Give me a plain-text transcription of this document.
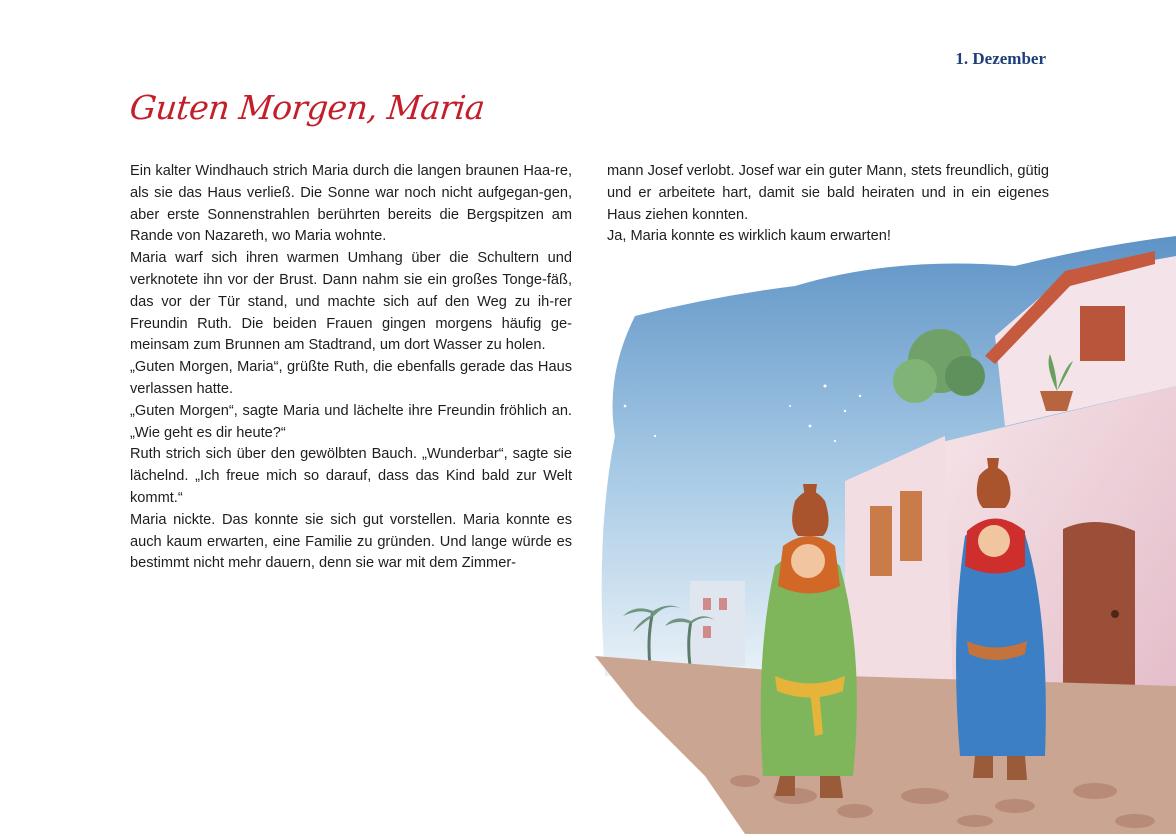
1. Dezember
Guten Morgen, Maria

Ein kalter Windhauch strich Maria durch die langen braunen Haa-re, als sie das Haus verließ. Die Sonne war noch nicht aufgegan-gen, aber erste Sonnenstrahlen berührten bereits die Bergspitzen am Rande von Nazareth, wo Maria wohnte.

Maria warf sich ihren warmen Umhang über die Schultern und verknotete ihn vor der Brust. Dann nahm sie ein großes Tonge-fäß, das vor der Tür stand, und machte sich auf den Weg zu ih-rer Freundin Ruth. Die beiden Frauen gingen morgens häufig ge-meinsam zum Brunnen am Stadtrand, um dort Wasser zu holen.

„Guten Morgen, Maria“, grüßte Ruth, die ebenfalls gerade das Haus verlassen hatte.

„Guten Morgen“, sagte Maria und lächelte ihre Freundin fröhlich an. „Wie geht es dir heute?“

Ruth strich sich über den gewölbten Bauch. „Wunderbar“, sagte sie lächelnd. „Ich freue mich so darauf, dass das Kind bald zur Welt kommt.“

Maria nickte. Das konnte sie sich gut vorstellen. Maria konnte es auch kaum erwarten, eine Familie zu gründen. Und lange würde es bestimmt nicht mehr dauern, denn sie war mit dem Zimmer-

mann Josef verlobt. Josef war ein guter Mann, stets freundlich, gütig und er arbeitete hart, damit sie bald heiraten und in ein eigenes Haus ziehen konnten.

Ja, Maria konnte es wirklich kaum erwarten!
